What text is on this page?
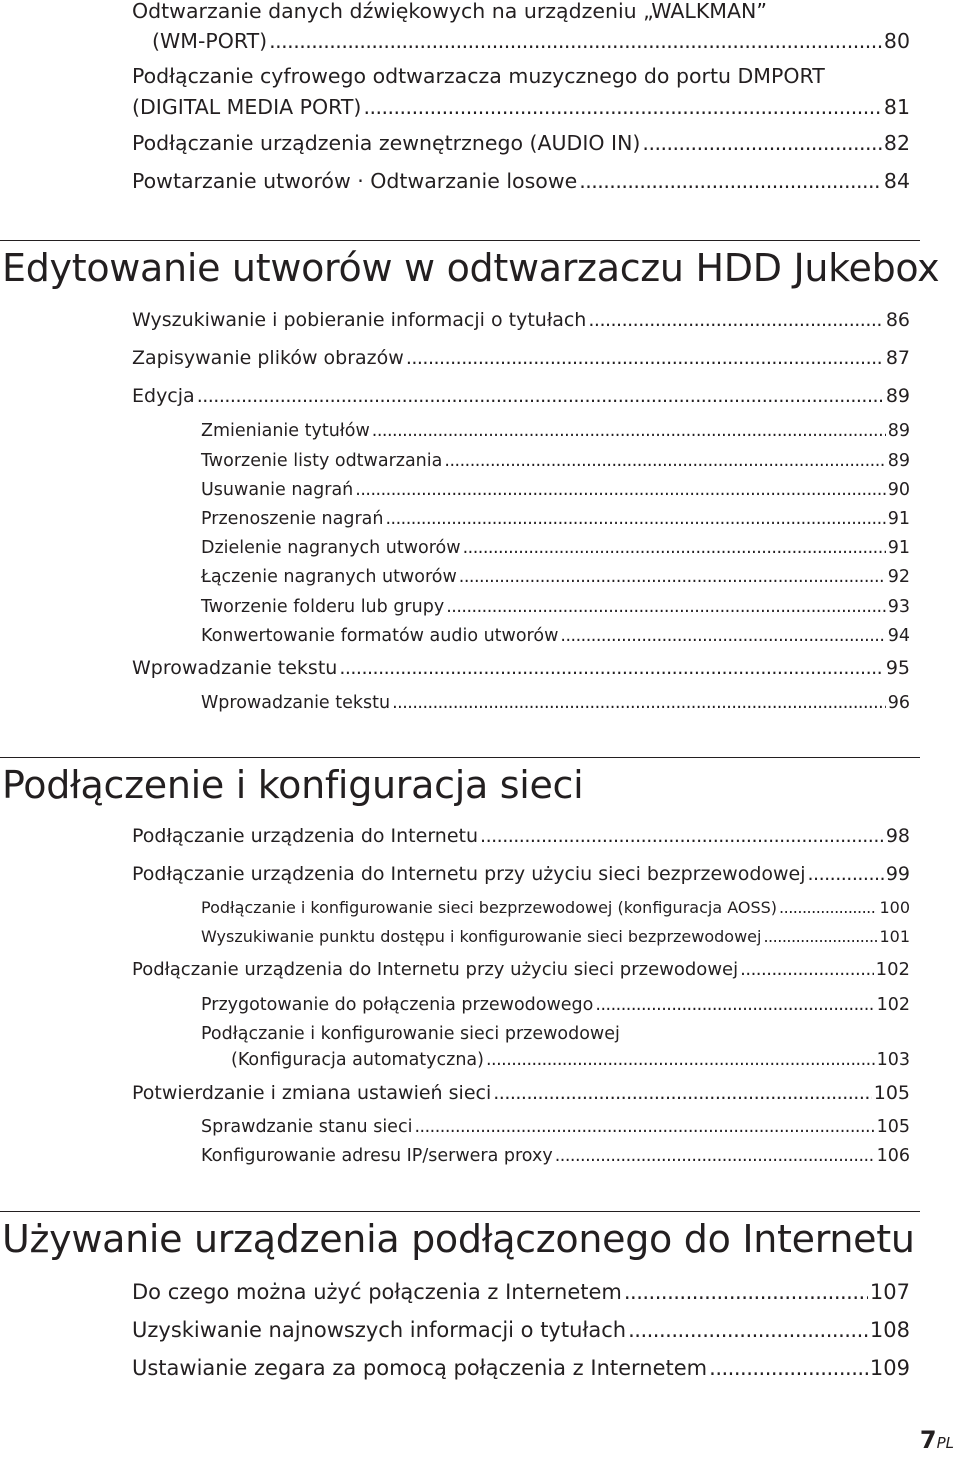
Odtwarzanie danych dźwiękowych na urządzeniu „WALKMAN”
(WM-PORT) .....	80
Podłączanie cyfrowego odtwarzacza muzycznego do portu DMPORT
(DIGITAL MEDIA PORT) .....	81
Podłączanie urządzenia zewnętrznego (AUDIO IN) .....	82
Powtarzanie utworów · Odtwarzanie losowe .....	84
Edytowanie utworów w odtwarzaczu HDD Jukebox
Wyszukiwanie i pobieranie informacji o tytułach .....	86
Zapisywanie plików obrazów .....	87
Edycja .....	89
Zmienianie tytułów .....	89
Tworzenie listy odtwarzania .....	89
Usuwanie nagrań .....	90
Przenoszenie nagrań .....	91
Dzielenie nagranych utworów .....	91
Łączenie nagranych utworów .....	92
Tworzenie folderu lub grupy .....	93
Konwertowanie formatów audio utworów .....	94
Wprowadzanie tekstu .....	95
Wprowadzanie tekstu .....	96
Podłączenie i konfiguracja sieci
Podłączanie urządzenia do Internetu .....	98
Podłączanie urządzenia do Internetu przy użyciu sieci bezprzewodowej .....	99
Podłączanie i konfigurowanie sieci bezprzewodowej (konfiguracja AOSS) .....	100
Wyszukiwanie punktu dostępu i konfigurowanie sieci bezprzewodowej .....	101
Podłączanie urządzenia do Internetu przy użyciu sieci przewodowej .....	102
Przygotowanie do połączenia przewodowego .....	102
Podłączanie i konfigurowanie sieci przewodowej
(Konfiguracja automatyczna) .....	103
Potwierdzanie i zmiana ustawień sieci .....	105
Sprawdzanie stanu sieci .....	105
Konfigurowanie adresu IP/serwera proxy .....	106
Używanie urządzenia podłączonego do Internetu
Do czego można użyć połączenia z Internetem .....	107
Uzyskiwanie najnowszych informacji o tytułach .....	108
Ustawianie zegara za pomocą połączenia z Internetem .....	109
7PL
